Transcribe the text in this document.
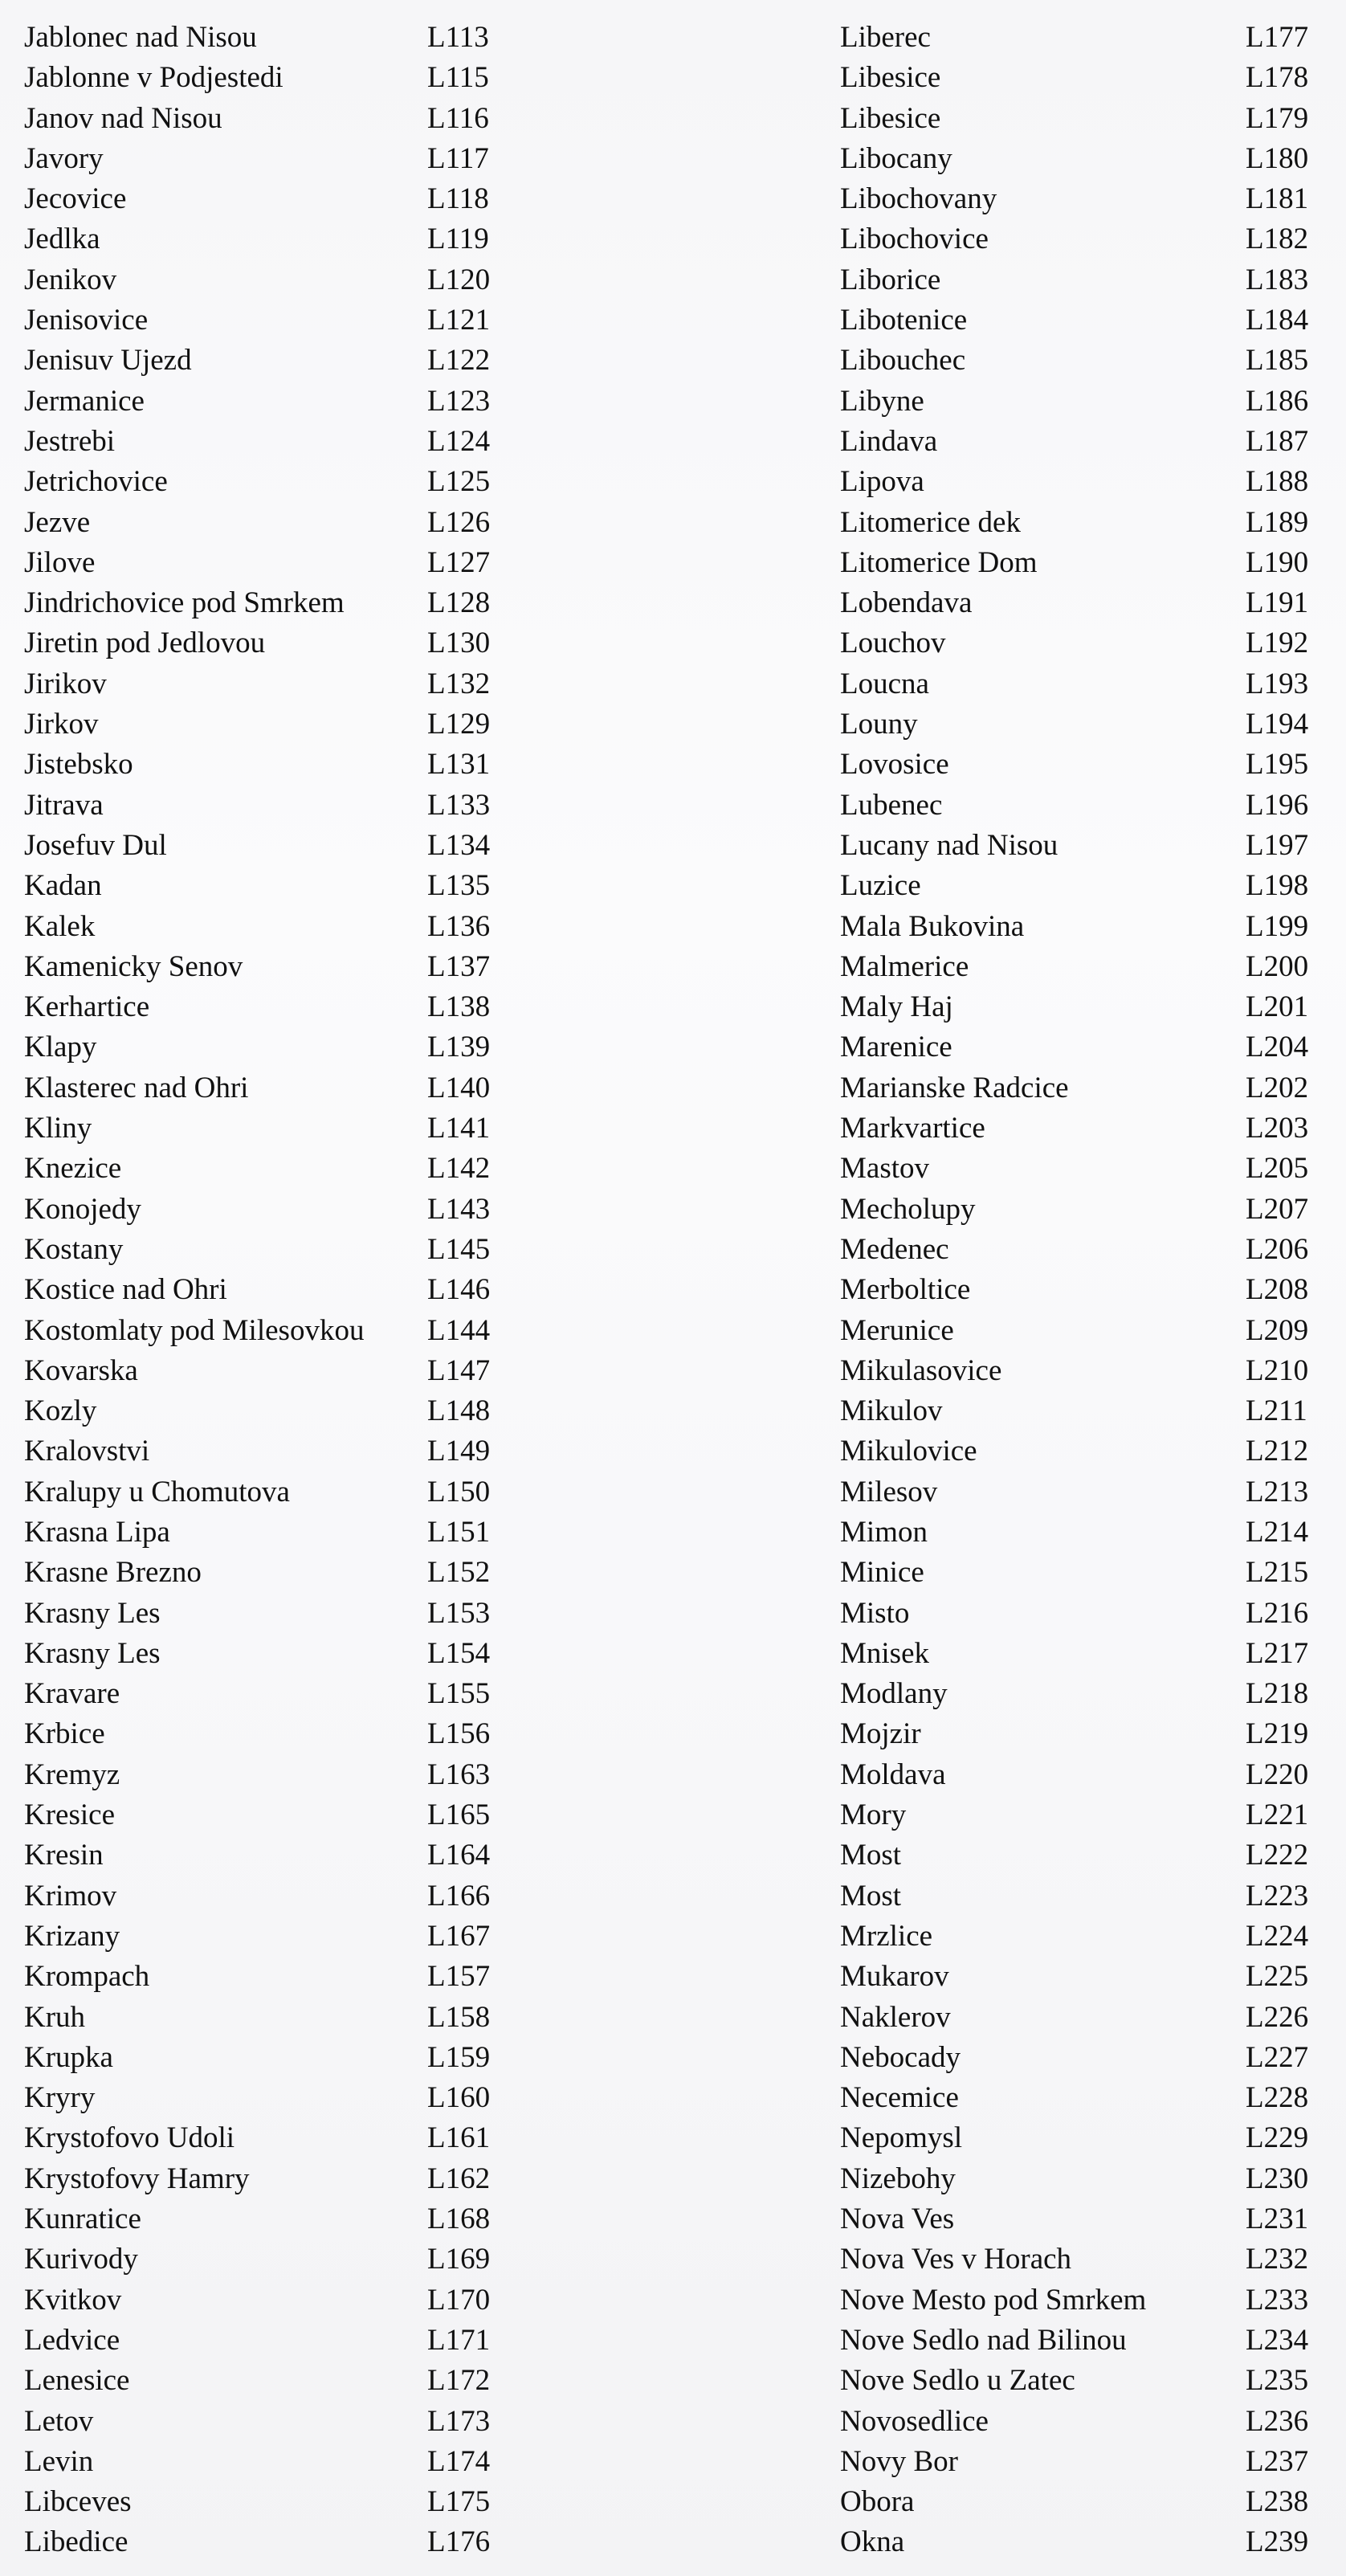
Jablonec nad Nisou	L113
Jablonne v Podjestedi	L115
Janov nad Nisou	L116
Javory	L117
Jecovice	L118
Jedlka	L119
Jenikov	L120
Jenisovice	L121
Jenisuv Ujezd	L122
Jermanice	L123
Jestrebi	L124
Jetrichovice	L125
Jezve	L126
Jilove	L127
Jindrichovice pod Smrkem	L128
Jiretin pod Jedlovou	L130
Jirikov	L132
Jirkov	L129
Jistebsko	L131
Jitrava	L133
Josefuv Dul	L134
Kadan	L135
Kalek	L136
Kamenicky Senov	L137
Kerhartice	L138
Klapy	L139
Klasterec nad Ohri	L140
Kliny	L141
Knezice	L142
Konojedy	L143
Kostany	L145
Kostice nad Ohri	L146
Kostomlaty pod Milesovkou L144
Kovarska	L147
Kozly	L148
Kralovstvi	L149
Kralupy u Chomutova	L150
Krasna Lipa	L151
Krasne Brezno	L152
Krasny Les	L153
Krasny Les	L154
Kravare	L155
Krbice	L156
Kremyz	L163
Kresice	L165
Kresin	L164
Krimov	L166
Krizany	L167
Krompach	L157
Kruh	L158
Krupka	L159
Kryry	L160
Krystofovo Udoli	L161
Krystofovy Hamry	L162
Kunratice	L168
Kurivody	L169
Kvitkov	L170
Ledvice	L171
Lenesice	L172
Letov	L173
Levin	L174
Libceves	L175
Libedice	L176
Liberec	L177
Libesice	L178
Libesice	L179
Libocany	L180
Libochovany	L181
Libochovice	L182
Liborice	L183
Libotenice	L184
Libouchec	L185
Libyne	L186
Lindava	L187
Lipova	L188
Litomerice dek	L189
Litomerice Dom	L190
Lobendava	L191
Louchov	L192
Loucna	L193
Louny	L194
Lovosice	L195
Lubenec	L196
Lucany nad Nisou	L197
Luzice	L198
Mala Bukovina	L199
Malmerice	L200
Maly Haj	L201
Marenice	L204
Marianske Radcice	L202
Markvartice	L203
Mastov	L205
Mecholupy	L207
Medenec	L206
Merboltice	L208
Merunice	L209
Mikulasovice	L210
Mikulov	L211
Mikulovice	L212
Milesov	L213
Mimon	L214
Minice	L215
Misto	L216
Mnisek	L217
Modlany	L218
Mojzir	L219
Moldava	L220
Mory	L221
Most	L222
Most	L223
Mrzlice	L224
Mukarov	L225
Naklerov	L226
Nebocady	L227
Necemice	L228
Nepomysl	L229
Nizebohy	L230
Nova Ves	L231
Nova Ves v Horach	L232
Nove Mesto pod Smrkem	L233
Nove Sedlo nad Bilinou	L234
Nove Sedlo u Zatec	L235
Novosedlice	L236
Novy Bor	L237
Obora	L238
Okna	L239
